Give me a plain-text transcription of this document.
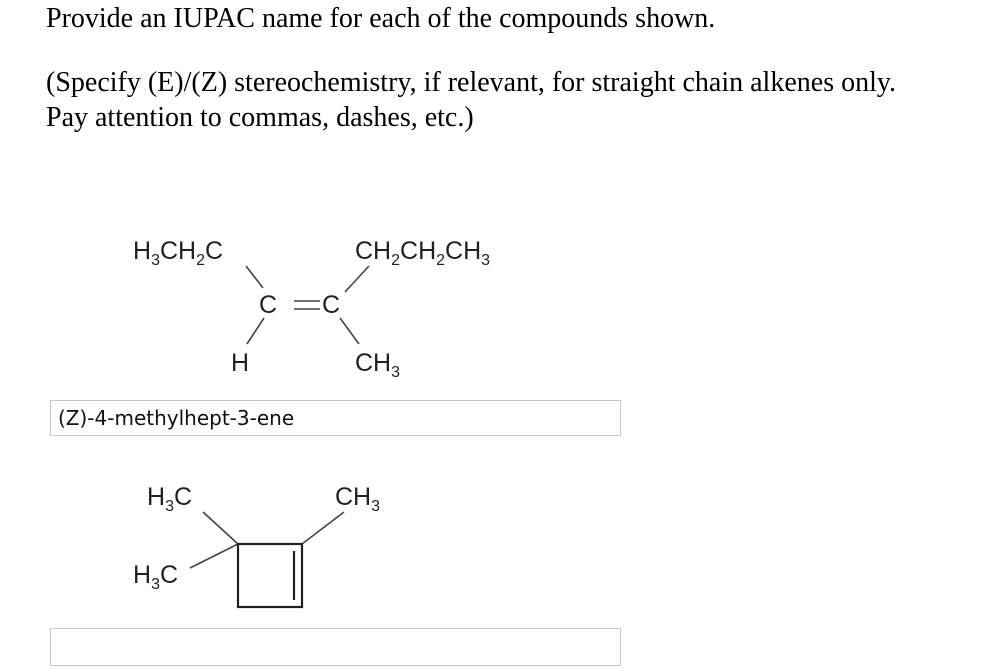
Provide an IUPAC name for each of the compounds shown.
(Specify (E)/(Z) stereochemistry, if relevant, for straight chain alkenes only.
Pay attention to commas, dashes, etc.)
$H_3CH_2C$	$CH_2CH_2CH_3$
C C
H	$CH_3$
(Z)-4-methylhept-3-ene
$H_3C$
$H_3C$
$CH_3$
